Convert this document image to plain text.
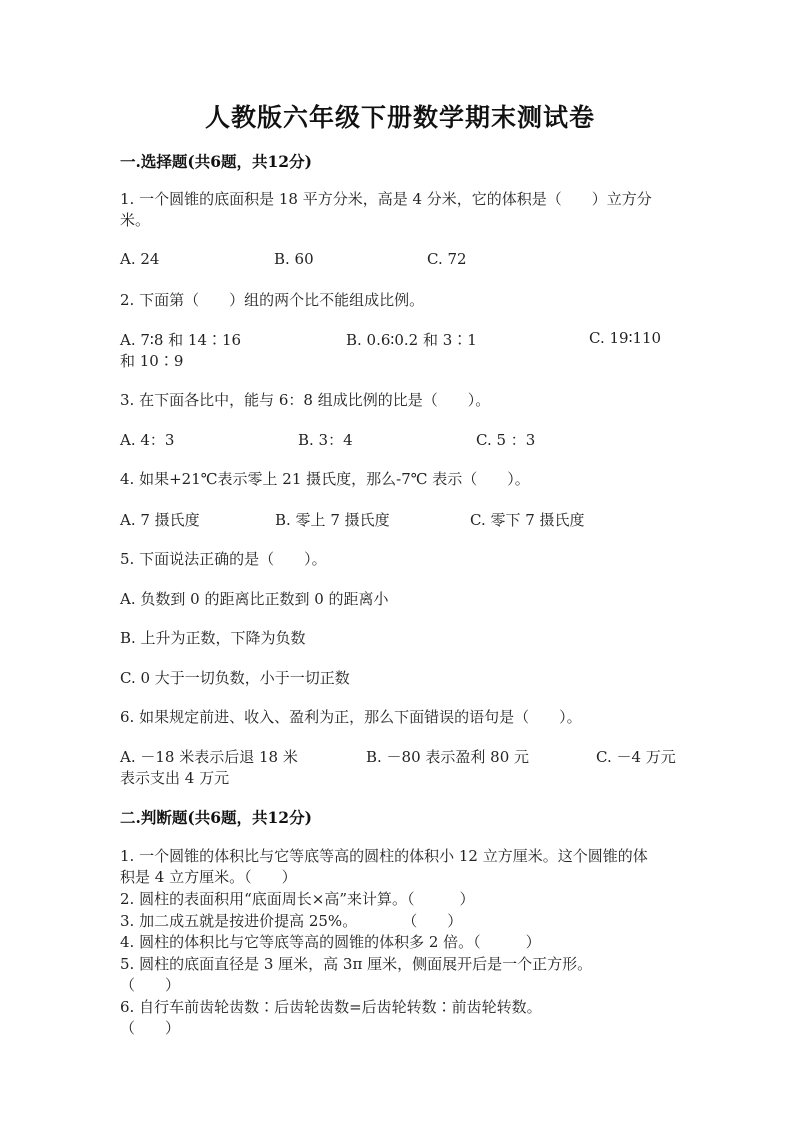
人教版六年级下册数学期末测试卷
一.选择题(共6题，共12分)
1. 一个圆锥的底面积是 18 平方分米，高是 4 分米，它的体积是（　　）立方分
米。
A. 24	B. 60	C. 72
2. 下面第（　　）组的两个比不能组成比例。
A. 7∶8 和 14∶16	B. 0.6∶0.2 和 3∶1	C. 19∶110
和 10∶9
3. 在下面各比中，能与 6：8 组成比例的比是（　　）。
A. 4：3	B. 3：4	C. 5 ：3
4. 如果+21℃表示零上 21 摄氏度，那么-7℃ 表示（　　）。
A. 7 摄氏度	B. 零上 7 摄氏度	C. 零下 7 摄氏度
5. 下面说法正确的是（　　）。
A. 负数到 0 的距离比正数到 0 的距离小
B. 上升为正数，下降为负数
C. 0 大于一切负数，小于一切正数
6. 如果规定前进、收入、盈利为正，那么下面错误的语句是（　　）。
A. －18 米表示后退 18 米	B. －80 表示盈利 80 元	C. －4 万元
表示支出 4 万元
二.判断题(共6题，共12分)
1. 一个圆锥的体积比与它等底等高的圆柱的体积小 12 立方厘米。这个圆锥的体
积是 4 立方厘米。（　　）
2. 圆柱的表面积用“底面周长×高”来计算。（　　　）
3. 加二成五就是按进价提高 25%。　　　　（　　）
4. 圆柱的体积比与它等底等高的圆锥的体积多 2 倍。（　　　）
5. 圆柱的底面直径是 3 厘米，高 3π 厘米，侧面展开后是一个正方形。
（　　）
6. 自行车前齿轮齿数∶后齿轮齿数=后齿轮转数∶前齿轮转数。
（　　）
